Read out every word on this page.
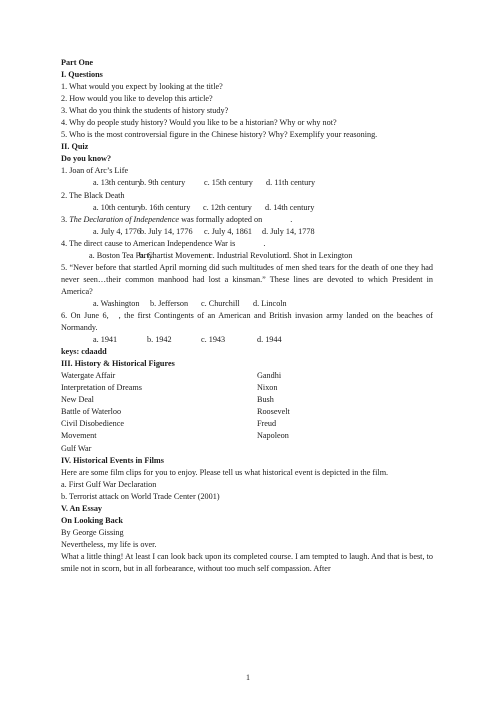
Part One
I. Questions
1. What would you expect by looking at the title?
2. How would you like to develop this article?
3. What do you think the students of history study?
4. Why do people study history? Would you like to be a historian? Why or why not?
5. Who is the most controversial figure in the Chinese history? Why? Exemplify your reasoning.
II. Quiz
Do you know?
1. Joan of Arc’s Life
a. 13th centuryb. 9th century c. 15th century d. 11th century
2. The Black Death
a. 10th centuryb. 16th century c. 12th century d. 14th century
3. The Declaration of Independence was formally adopted on	.
a. July 4, 1776b. July 14, 1776 c. July 4, 1861 d. July 14, 1778
4. The direct cause to American Independence War is	.
a. Boston Tea Partyb. Chartist Movementc. Industrial Revolutiond. Shot in Lexington
5. “Never before that startled April morning did such multitudes of men shed tears for the death of one they had never seen…their common manhood had lost a kinsman.” These lines are devoted to which President in America?
a. Washington b. Jefferson c. Churchill d. Lincoln
6. On June 6, , the first Contingents of an American and British invasion army landed on the beaches of Normandy.
a. 1941	b. 1942	c. 1943	d. 1944
keys: cdaadd
III. History & Historical Figures
Watergate Affair	Gandhi
Interpretation of Dreams	Nixon
New Deal	Bush
Battle of Waterloo	Roosevelt
Civil Disobedience	Freud
Movement	Napoleon
Gulf War
IV. Historical Events in Films
Here are some film clips for you to enjoy. Please tell us what historical event is depicted in the film.
a. First Gulf War Declaration
b. Terrorist attack on World Trade Center (2001)
V. An Essay
On Looking Back
By George Gissing
Nevertheless, my life is over.
What a little thing! At least I can look back upon its completed course. I am tempted to laugh. And that is best, to smile not in scorn, but in all forbearance, without too much self compassion. After
1
